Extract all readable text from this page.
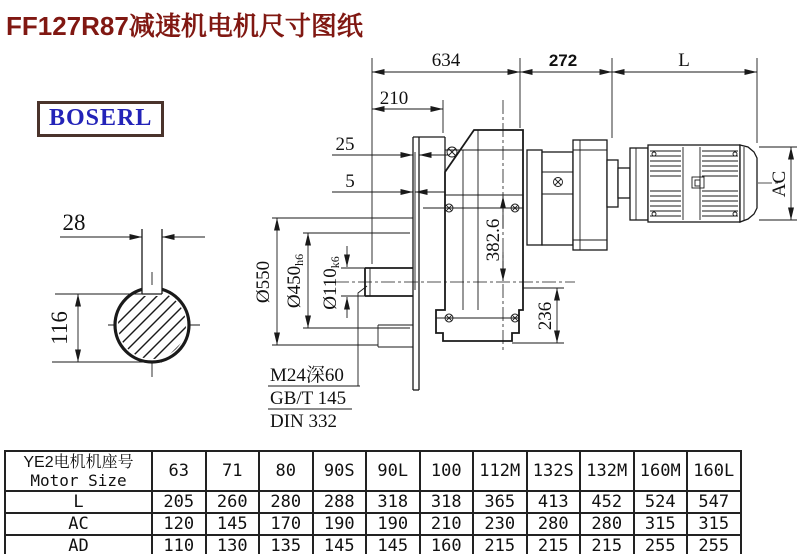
FF127R87减速机电机尺寸图纸
BOSERL
28
116
634	272	L
210
25
5
382.6
236
Ø550 Ø450h6
Ø110k6
M24深60
GB/T 145
DIN 332
AC
YE2电机机座号
Motor Size	63	71	80	90S	90L	100	112M	132S	132M	160M	160L
L	205	260	280	288	318	318	365	413	452	524	547
AC	120	145	170	190	190	210	230	280	280	315	315
AD	110	130	135	145	145	160	215	215	215	255	255
